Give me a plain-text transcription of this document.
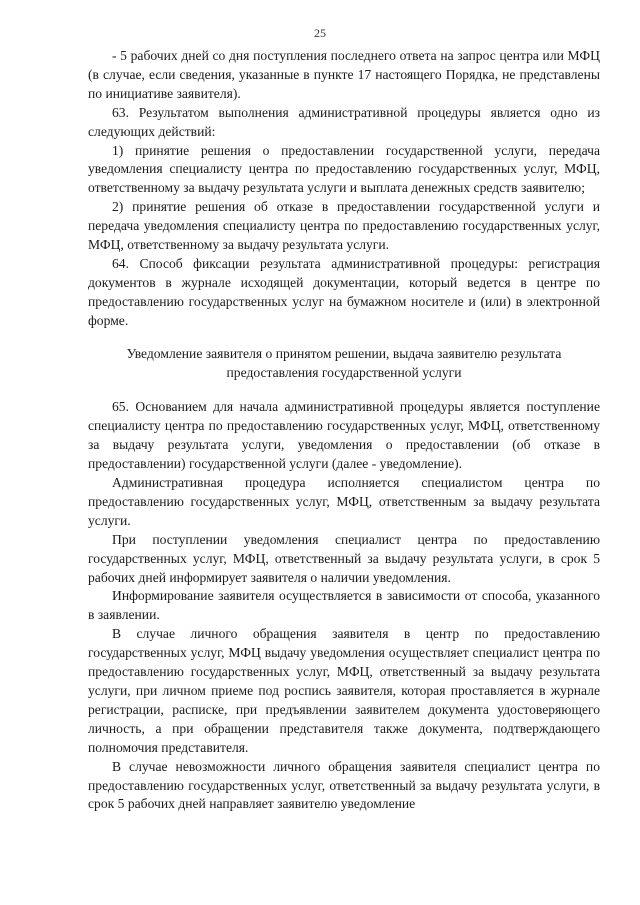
25

- 5 рабочих дней со дня поступления последнего ответа на запрос центра или МФЦ (в случае, если сведения, указанные в пункте 17 настоящего Порядка, не представлены по инициативе заявителя).

63. Результатом выполнения административной процедуры является одно из следующих действий:

1) принятие решения о предоставлении государственной услуги, передача уведомления специалисту центра по предоставлению государственных услуг, МФЦ, ответственному за выдачу результата услуги и выплата денежных средств заявителю;

2) принятие решения об отказе в предоставлении государственной услуги и передача уведомления специалисту центра по предоставлению государственных услуг, МФЦ, ответственному за выдачу результата услуги.

64. Способ фиксации результата административной процедуры: регистрация документов в журнале исходящей документации, который ведется в центре по предоставлению государственных услуг на бумажном носителе и (или) в электронной форме.

Уведомление заявителя о принятом решении, выдача заявителю результата
предоставления государственной услуги

65. Основанием для начала административной процедуры является поступление специалисту центра по предоставлению государственных услуг, МФЦ, ответственному за выдачу результата услуги, уведомления о предоставлении (об отказе в предоставлении) государственной услуги (далее - уведомление).

Административная процедура исполняется специалистом центра по предоставлению государственных услуг, МФЦ, ответственным за выдачу результата услуги.

При поступлении уведомления специалист центра по предоставлению государственных услуг, МФЦ, ответственный за выдачу результата услуги, в срок 5 рабочих дней информирует заявителя о наличии уведомления.

Информирование заявителя осуществляется в зависимости от способа, указанного в заявлении.

В случае личного обращения заявителя в центр по предоставлению государственных услуг, МФЦ выдачу уведомления осуществляет специалист центра по предоставлению государственных услуг, МФЦ, ответственный за выдачу результата услуги, при личном приеме под роспись заявителя, которая проставляется в журнале регистрации, расписке, при предъявлении заявителем документа удостоверяющего личность, а при обращении представителя также документа, подтверждающего полномочия представителя.

В случае невозможности личного обращения заявителя специалист центра по предоставлению государственных услуг, ответственный за выдачу результата услуги, в срок 5 рабочих дней направляет заявителю уведомление
